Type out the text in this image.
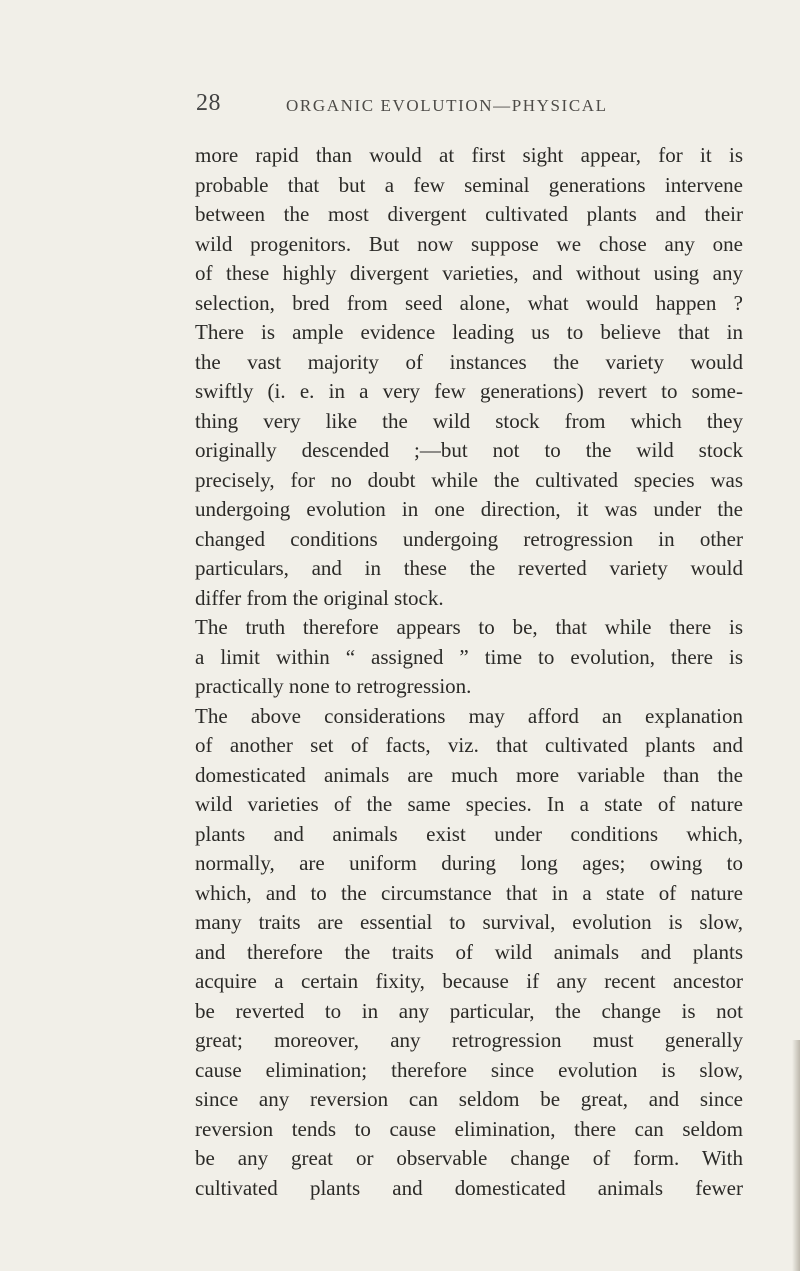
28	ORGANIC EVOLUTION—PHYSICAL
more rapid than would at first sight appear, for it is
probable that but a few seminal generations intervene
between the most divergent cultivated plants and their
wild progenitors. But now suppose we chose any one
of these highly divergent varieties, and without using any
selection, bred from seed alone, what would happen ?
There is ample evidence leading us to believe that in
the vast majority of instances the variety would
swiftly (i. e. in a very few generations) revert to some-
thing very like the wild stock from which they
originally descended ;—but not to the wild stock
precisely, for no doubt while the cultivated species was
undergoing evolution in one direction, it was under the
changed conditions undergoing retrogression in other
particulars, and in these the reverted variety would
differ from the original stock.
The truth therefore appears to be, that while there is
a limit within “ assigned ” time to evolution, there is
practically none to retrogression.
The above considerations may afford an explanation
of another set of facts, viz. that cultivated plants and
domesticated animals are much more variable than the
wild varieties of the same species. In a state of nature
plants and animals exist under conditions which,
normally, are uniform during long ages; owing to
which, and to the circumstance that in a state of nature
many traits are essential to survival, evolution is slow,
and therefore the traits of wild animals and plants
acquire a certain fixity, because if any recent ancestor
be reverted to in any particular, the change is not
great; moreover, any retrogression must generally
cause elimination; therefore since evolution is slow,
since any reversion can seldom be great, and since
reversion tends to cause elimination, there can seldom
be any great or observable change of form. With
cultivated plants and domesticated animals fewer
